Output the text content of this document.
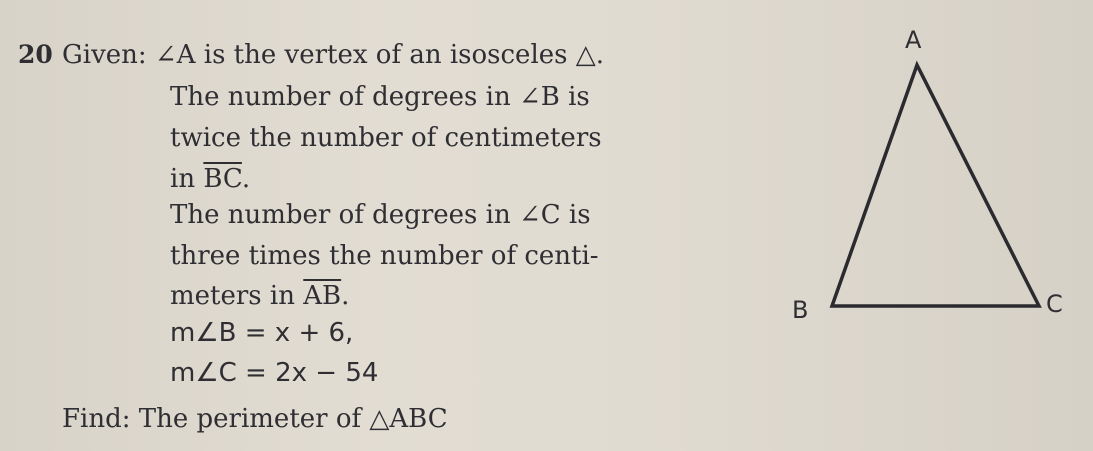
20 Given: ∠A is the vertex of an isosceles △.
The number of degrees in ∠B is
twice the number of centimeters
in $\overline{BC}$.
The number of degrees in ∠C is
three times the number of centi-
meters in $\overline{AB}$.
m∠B = x + 6,
m∠C = 2x − 54
Find: The perimeter of △ABC
A
B	C
